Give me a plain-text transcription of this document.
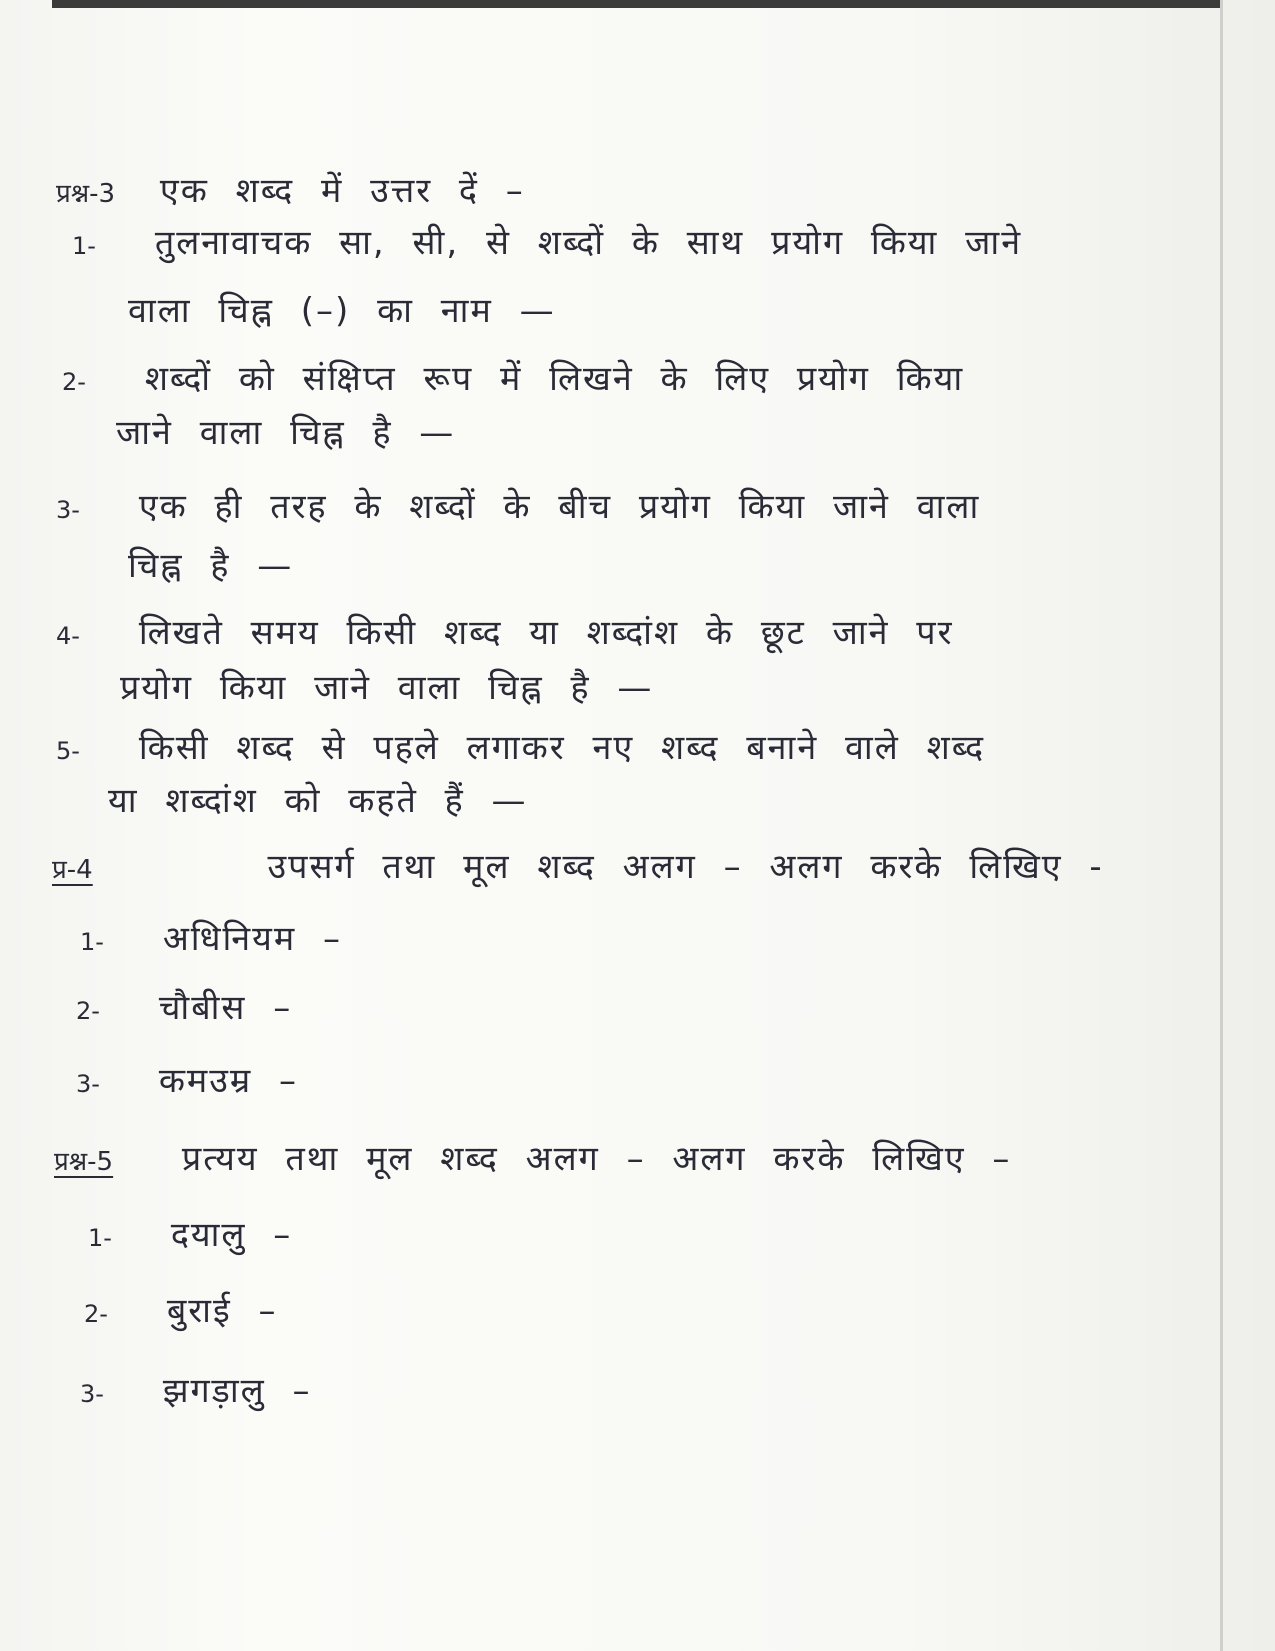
प्रश्न-3 एक शब्द में उत्तर दें –
1- तुलनावाचक सा, सी, से शब्दों के साथ प्रयोग किया जाने
वाला चिह्न (–) का नाम —
2- शब्दों को संक्षिप्त रूप में लिखने के लिए प्रयोग किया
जाने वाला चिह्न है —
3- एक ही तरह के शब्दों के बीच प्रयोग किया जाने वाला
चिह्न है —
4- लिखते समय किसी शब्द या शब्दांश के छूट जाने पर
प्रयोग किया जाने वाला चिह्न है —
5- किसी शब्द से पहले लगाकर नए शब्द बनाने वाले शब्द
या शब्दांश को कहते हैं —
प्र-4	उपसर्ग तथा मूल शब्द अलग – अलग करके लिखिए -
1- अधिनियम –
2- चौबीस –
3- कमउम्र –
प्रश्न-5 प्रत्यय तथा मूल शब्द अलग – अलग करके लिखिए –
1- दयालु –
2- बुराई –
3- झगड़ालु –
